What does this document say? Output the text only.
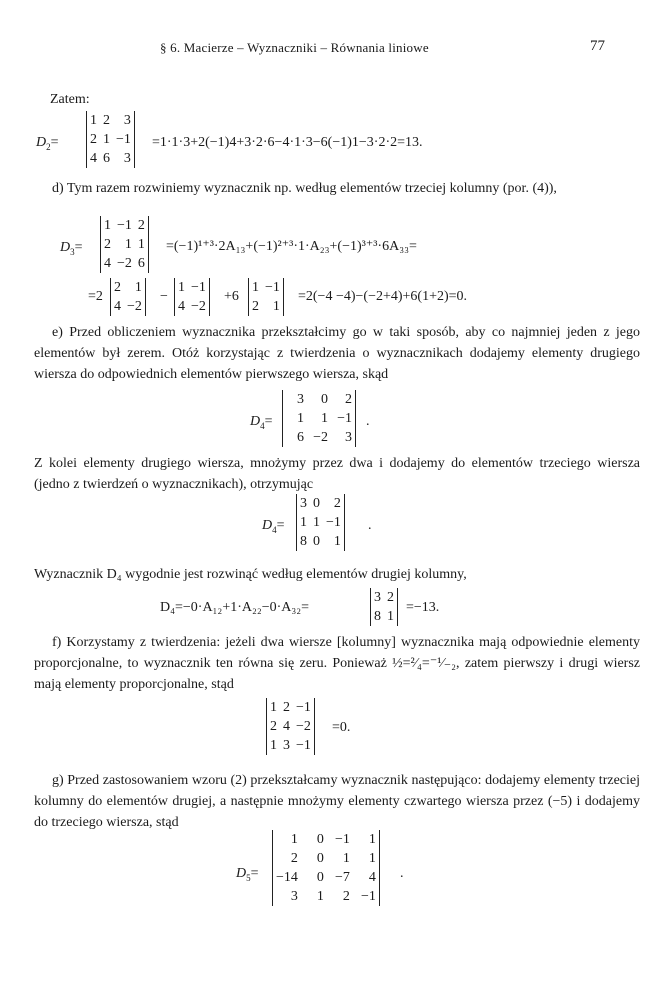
§ 6. Macierze – Wyznaczniki – Równania liniowe	77
Zatem:
$D_2=$
1	2	3
2	1	−1
4	6	3
=1·1·3+2(−1)4+3·2·6−4·1·3−6(−1)1−3·2·2=13.
d) Tym razem rozwiniemy wyznacznik np. według elementów trzeciej kolumny (por. (4)),
$D_3=$
1	−1	2
2	1	1
4	−2	6
=(−1)¹⁺³·2A₁₃+(−1)²⁺³·1·A₂₃+(−1)³⁺³·6A₃₃=
=2
2	1
4	−2
−
1	−1
4	−2
+6
1	−1
2	1
=2(−4 −4)−(−2+4)+6(1+2)=0.
e) Przed obliczeniem wyznacznika przekształcimy go w taki sposób, aby co najmniej jeden z jego elementów był zerem. Otóż korzystając z twierdzenia o wyznacznikach dodajemy elementy drugiego wiersza do odpowiednich elementów pierwszego wiersza, skąd
$D_4=$
3	0	2
1	1	−1
6	−2	3
.
Z kolei elementy drugiego wiersza, mnożymy przez dwa i dodajemy do elementów trzeciego wiersza (jedno z twierdzeń o wyznacznikach), otrzymując
$D_4=$
3	0	2
1	1	−1
8	0	1
.
Wyznacznik D₄ wygodnie jest rozwinąć według elementów drugiej kolumny,
D₄=−0·A₁₂+1·A₂₂−0·A₃₂=
3	2
8	1
=−13.
f) Korzystamy z twierdzenia: jeżeli dwa wiersze [kolumny] wyznacznika mają odpowiednie elementy proporcjonalne, to wyznacznik ten równa się zeru. Ponieważ ½=²⁄₄=⁻¹⁄₋₂, zatem pierwszy i drugi wiersz mają elementy proporcjonalne, stąd
1	2	−1
2	4	−2
1	3	−1
=0.
g) Przed zastosowaniem wzoru (2) przekształcamy wyznacznik następująco: dodajemy elementy trzeciej kolumny do elementów drugiej, a następnie mnożymy elementy czwartego wiersza przez (−5) i dodajemy do trzeciego wiersza, stąd
$D_5=$
1	0	−1	1
2	0	1	1
−14	0	−7	4
3	1	2	−1
.
